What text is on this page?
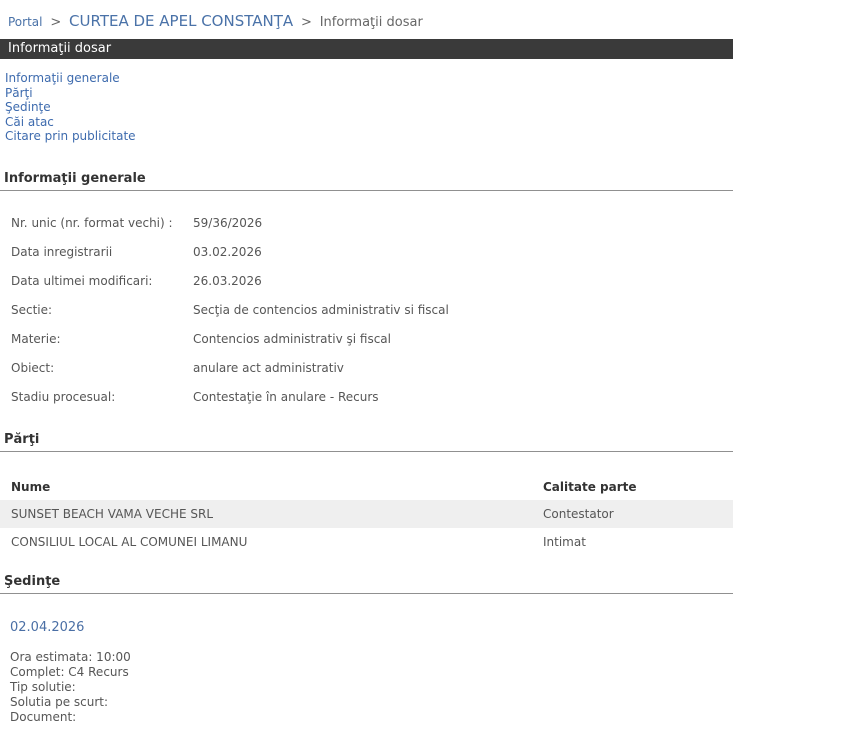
Portal > CURTEA DE APEL CONSTANŢA > Informaţii dosar
Informaţii dosar
Informaţii generale
Părţi
Şedinţe
Căi atac
Citare prin publicitate
Informaţii generale
Nr. unic (nr. format vechi) :	59/36/2026
Data inregistrarii	03.02.2026
Data ultimei modificari:	26.03.2026
Sectie:	Secţia de contencios administrativ si fiscal
Materie:	Contencios administrativ şi fiscal
Obiect:	anulare act administrativ
Stadiu procesual:	Contestaţie în anulare - Recurs
Părţi
Nume	Calitate parte
SUNSET BEACH VAMA VECHE SRL	Contestator
CONSILIUL LOCAL AL COMUNEI LIMANU	Intimat
Şedinţe
02.04.2026
Ora estimata: 10:00
Complet: C4 Recurs
Tip solutie:
Solutia pe scurt:
Document:
